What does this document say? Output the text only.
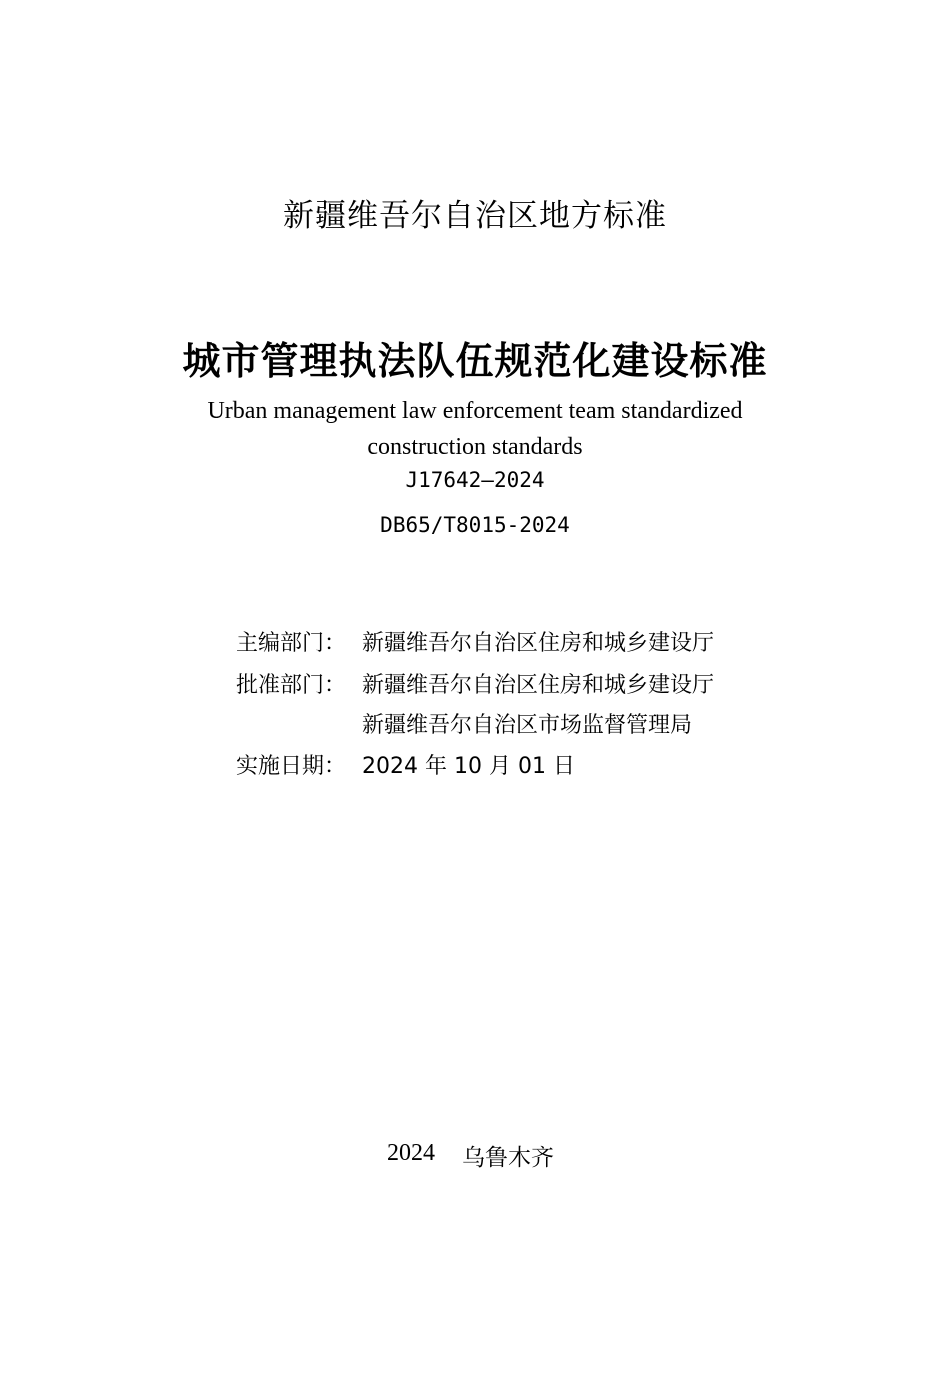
新疆维吾尔自治区地方标准
城市管理执法队伍规范化建设标准
Urban management law enforcement team standardized
construction standards
J17642—2024
DB65/T8015-2024
主编部门： 新疆维吾尔自治区住房和城乡建设厅
批准部门： 新疆维吾尔自治区住房和城乡建设厅
新疆维吾尔自治区市场监督管理局
实施日期： 2024 年 10 月 01 日
2024 乌鲁木齐
